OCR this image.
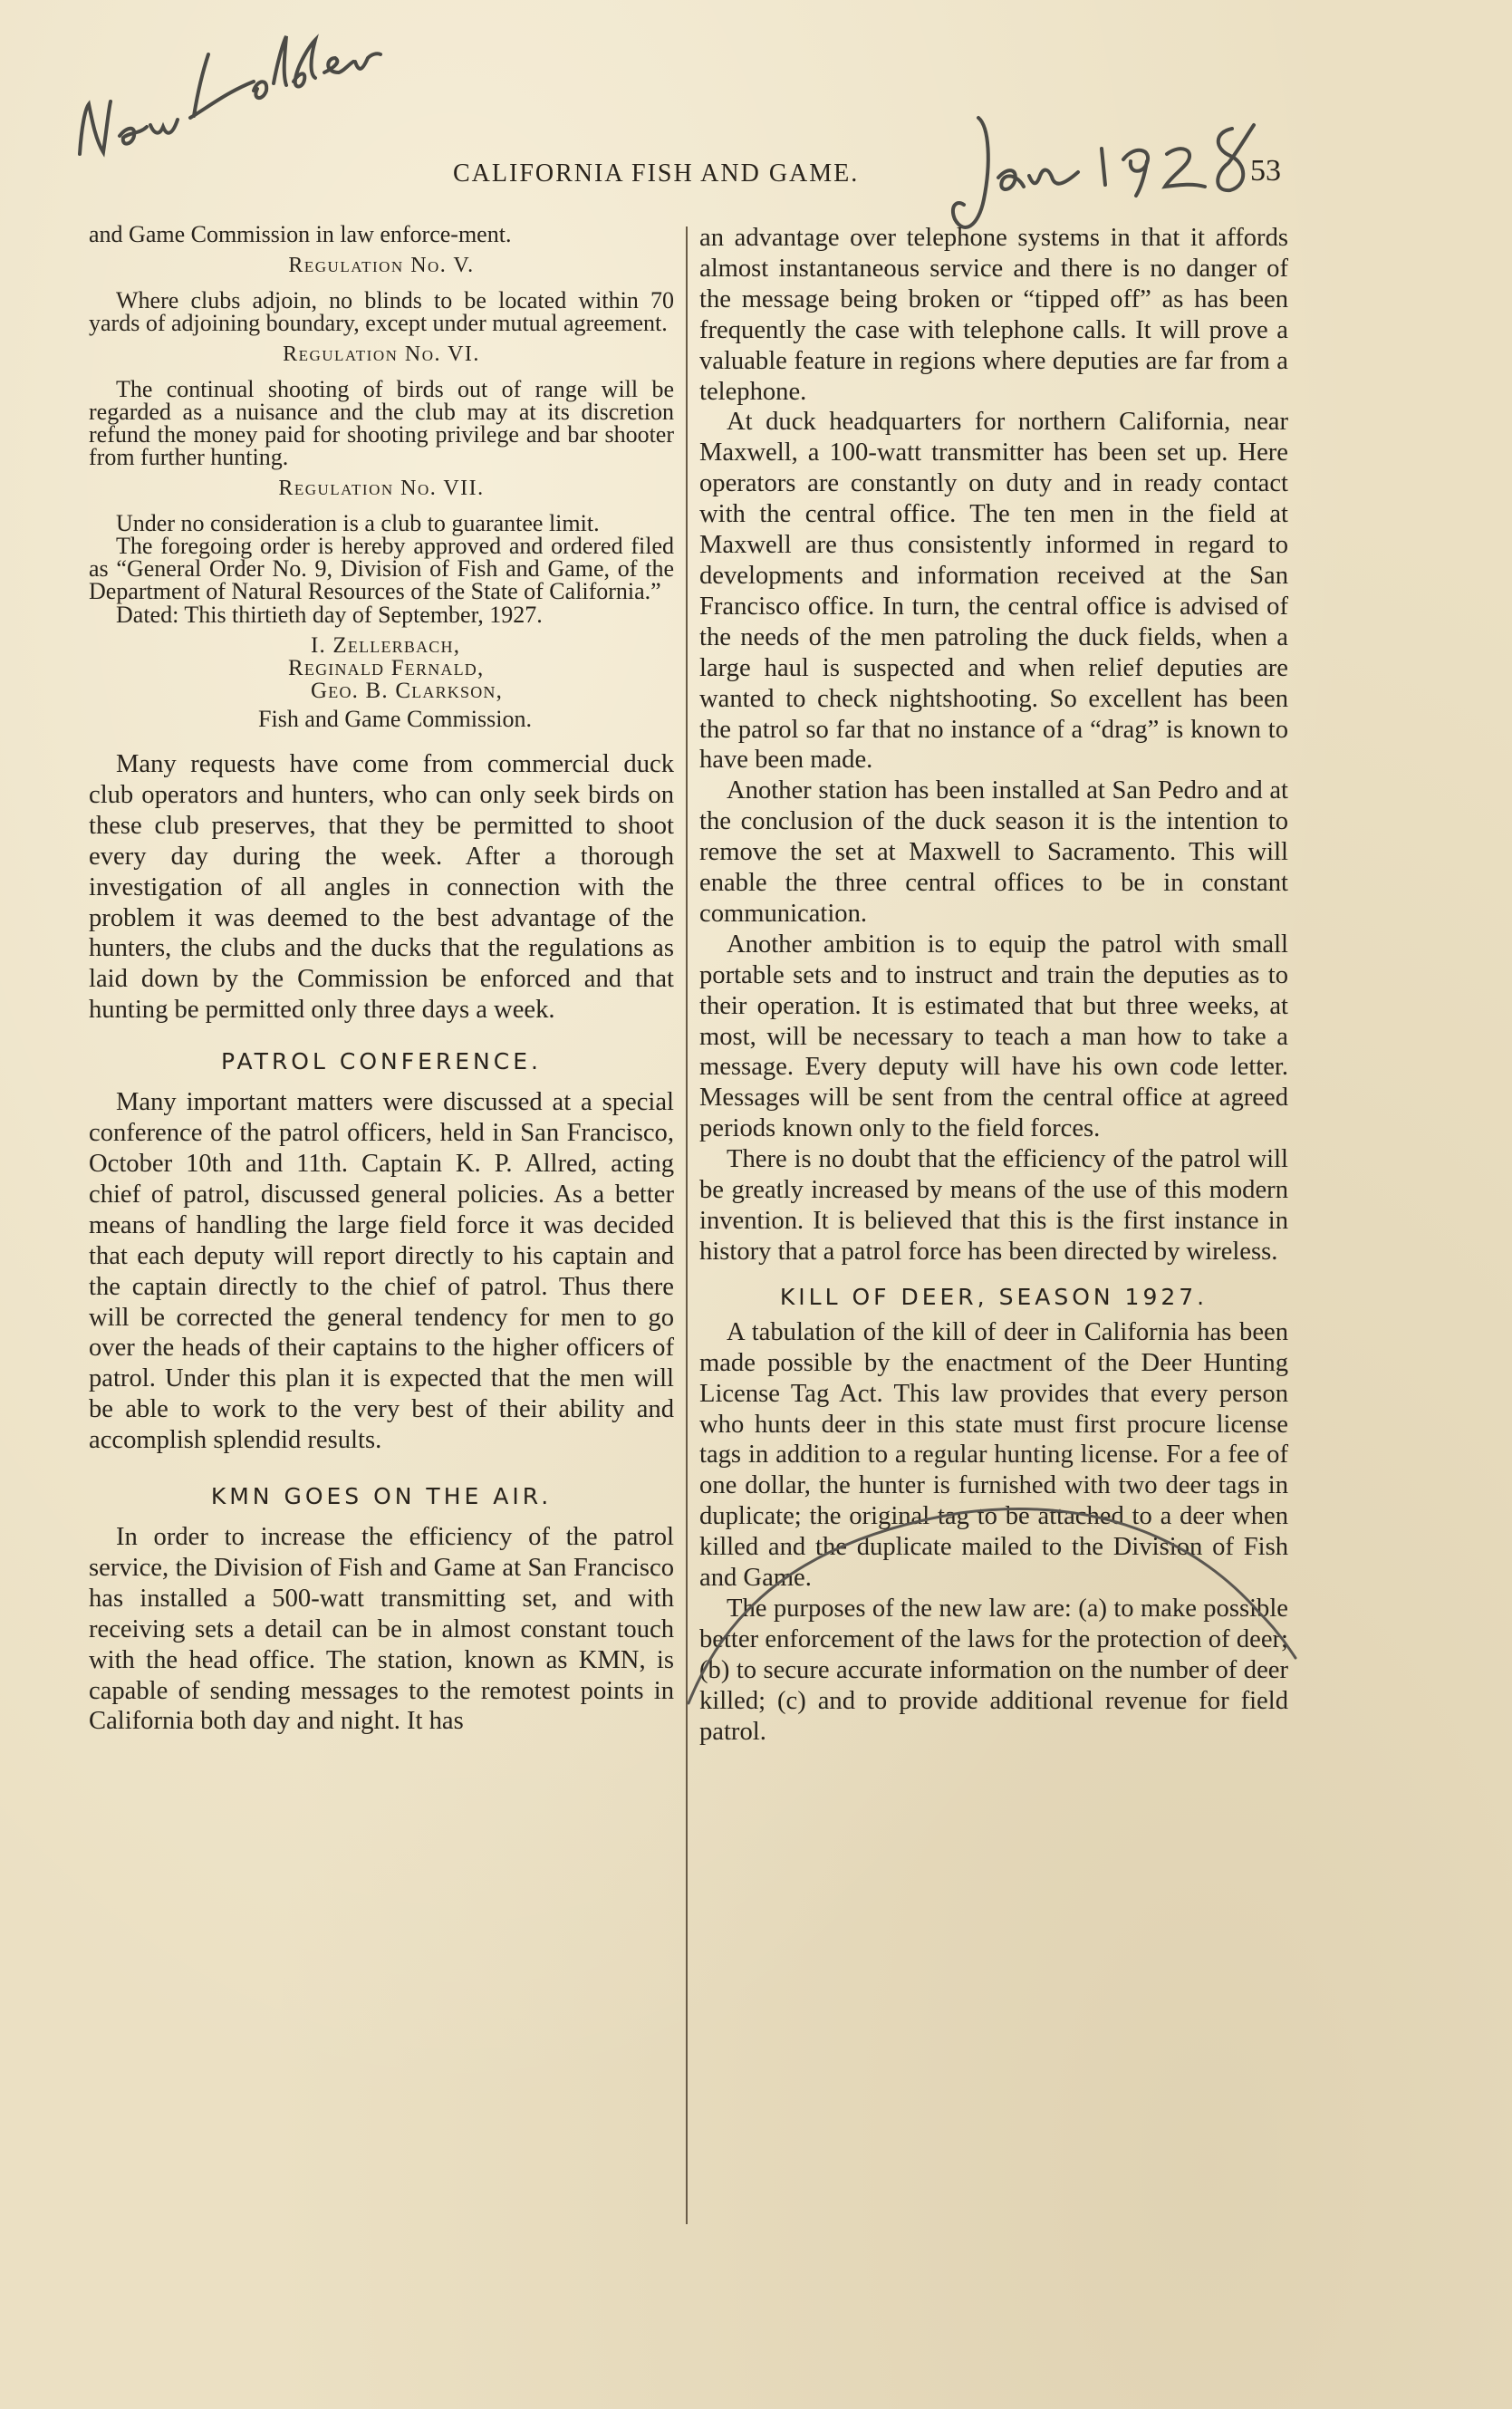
CALIFORNIA FISH AND GAME.	53

and Game Commission in law enforce-ment.

Regulation No. V.

Where clubs adjoin, no blinds to be located within 70 yards of adjoining boundary, except under mutual agreement.

Regulation No. VI.

The continual shooting of birds out of range will be regarded as a nuisance and the club may at its discretion refund the money paid for shooting privilege and bar shooter from further hunting.

Regulation No. VII.

Under no consideration is a club to guarantee limit.

The foregoing order is hereby approved and ordered filed as “General Order No. 9, Division of Fish and Game, of the Department of Natural Resources of the State of California.”

Dated: This thirtieth day of September, 1927.

I. Zellerbach,
Reginald Fernald,
Geo. B. Clarkson,
Fish and Game Commission.

Many requests have come from commercial duck club operators and hunters, who can only seek birds on these club preserves, that they be permitted to shoot every day during the week. After a thorough investigation of all angles in connection with the problem it was deemed to the best advantage of the hunters, the clubs and the ducks that the regulations as laid down by the Commission be enforced and that hunting be permitted only three days a week.

PATROL CONFERENCE.

Many important matters were discussed at a special conference of the patrol officers, held in San Francisco, October 10th and 11th. Captain K. P. Allred, acting chief of patrol, discussed general policies. As a better means of handling the large field force it was decided that each deputy will report directly to his captain and the captain directly to the chief of patrol. Thus there will be corrected the general tendency for men to go over the heads of their captains to the higher officers of patrol. Under this plan it is expected that the men will be able to work to the very best of their ability and accomplish splendid results.

KMN GOES ON THE AIR.

In order to increase the efficiency of the patrol service, the Division of Fish and Game at San Francisco has installed a 500-watt transmitting set, and with receiving sets a detail can be in almost constant touch with the head office. The station, known as KMN, is capable of sending messages to the remotest points in California both day and night. It has

an advantage over telephone systems in that it affords almost instantaneous service and there is no danger of the message being broken or “tipped off” as has been frequently the case with telephone calls. It will prove a valuable feature in regions where deputies are far from a telephone.

At duck headquarters for northern California, near Maxwell, a 100-watt transmitter has been set up. Here operators are constantly on duty and in ready contact with the central office. The ten men in the field at Maxwell are thus consistently informed in regard to developments and information received at the San Francisco office. In turn, the central office is advised of the needs of the men patroling the duck fields, when a large haul is suspected and when relief deputies are wanted to check nightshooting. So excellent has been the patrol so far that no instance of a “drag” is known to have been made.

Another station has been installed at San Pedro and at the conclusion of the duck season it is the intention to remove the set at Maxwell to Sacramento. This will enable the three central offices to be in constant communication.

Another ambition is to equip the patrol with small portable sets and to instruct and train the deputies as to their operation. It is estimated that but three weeks, at most, will be necessary to teach a man how to take a message. Every deputy will have his own code letter. Messages will be sent from the central office at agreed periods known only to the field forces.

There is no doubt that the efficiency of the patrol will be greatly increased by means of the use of this modern invention. It is believed that this is the first instance in history that a patrol force has been directed by wireless.

KILL OF DEER, SEASON 1927.

A tabulation of the kill of deer in California has been made possible by the enactment of the Deer Hunting License Tag Act. This law provides that every person who hunts deer in this state must first procure license tags in addition to a regular hunting license. For a fee of one dollar, the hunter is furnished with two deer tags in duplicate; the original tag to be attached to a deer when killed and the duplicate mailed to the Division of Fish and Game.

The purposes of the new law are: (a) to make possible better enforcement of the laws for the protection of deer; (b) to secure accurate information on the number of deer killed; (c) and to provide additional revenue for field patrol.
